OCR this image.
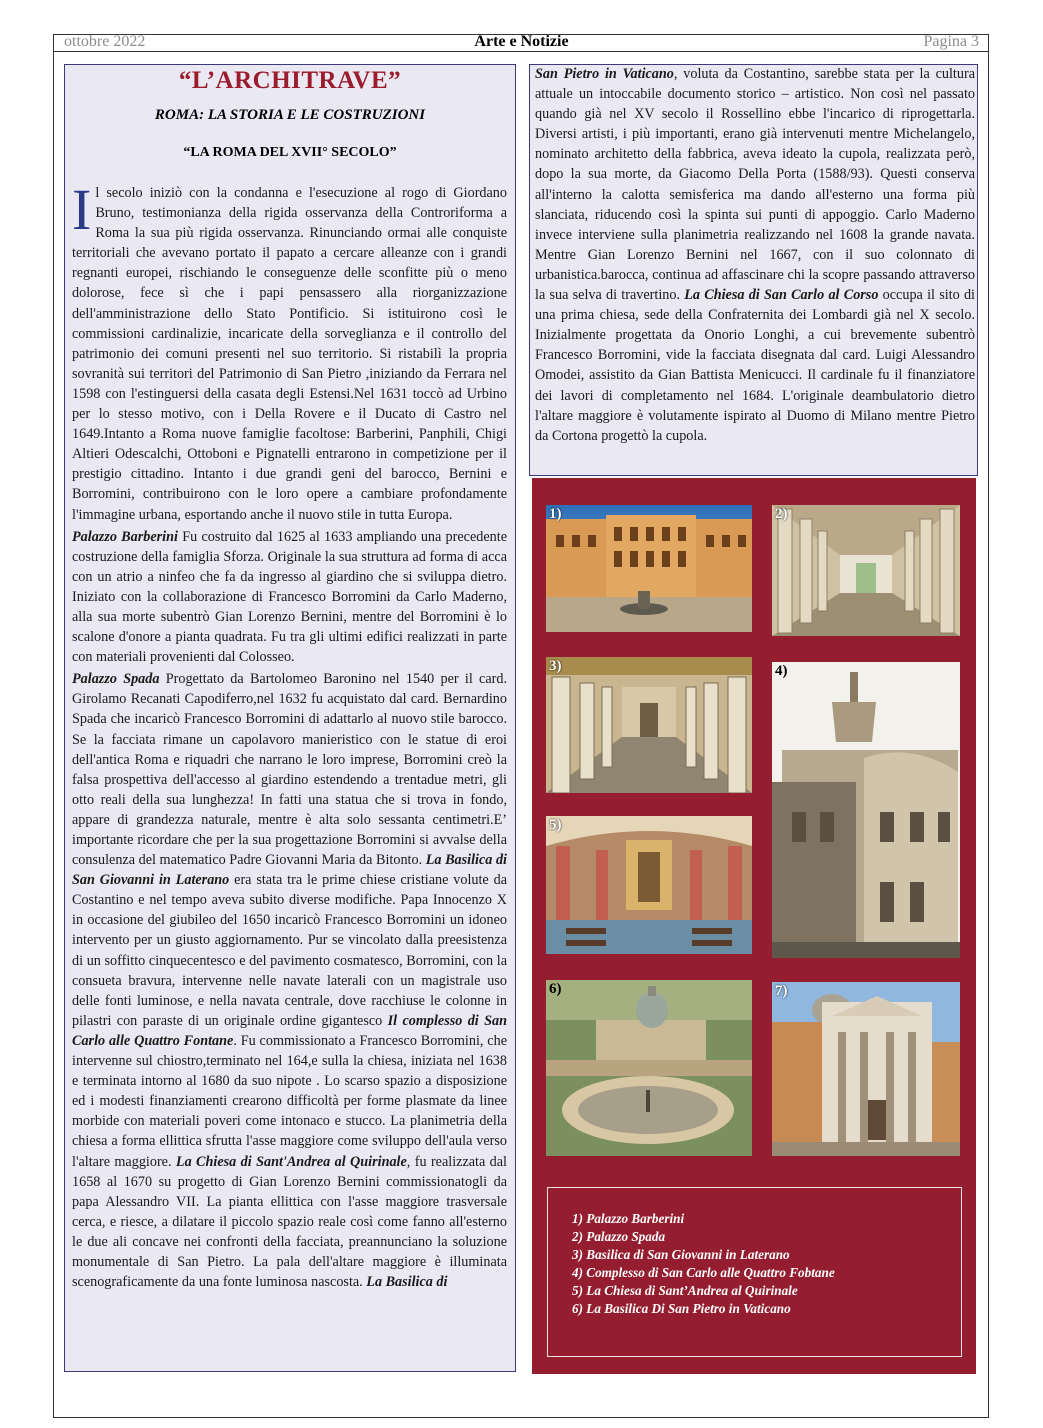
ottobre 2022	Arte e Notizie	Pagina 3
“L’ARCHITRAVE”
ROMA: LA STORIA E LE COSTRUZIONI
“LA ROMA DEL XVII° SECOLO”

Il secolo iniziò con la condanna e l'esecuzione al rogo di Giordano Bruno, testimonianza della rigida osservanza della Controriforma a Roma la sua più rigida osservanza. Rinunciando ormai alle conquiste territoriali che avevano portato il papato a cercare alleanze con i grandi regnanti europei, rischiando le conseguenze delle sconfitte più o meno dolorose, fece sì che i papi pensassero alla riorganizzazione dell'amministrazione dello Stato Pontificio. Si istituirono così le commissioni cardinalizie, incaricate della sorveglianza e il controllo del patrimonio dei comuni presenti nel suo territorio. Si ristabilì la propria sovranità sui territori del Patrimonio di San Pietro ,iniziando da Ferrara nel 1598 con l'estinguersi della casata degli Estensi.Nel 1631 toccò ad Urbino per lo stesso motivo, con i Della Rovere e il Ducato di Castro nel 1649.Intanto a Roma nuove famiglie facoltose: Barberini, Panphili, Chigi Altieri Odescalchi, Ottoboni e Pignatelli entrarono in competizione per il prestigio cittadino. Intanto i due grandi geni del barocco, Bernini e Borromini, contribuirono con le loro opere a cambiare profondamente l'immagine urbana, esportando anche il nuovo stile in tutta Europa.

Palazzo Barberini Fu costruito dal 1625 al 1633 ampliando una precedente costruzione della famiglia Sforza. Originale la sua struttura ad forma di acca con un atrio a ninfeo che fa da ingresso al giardino che si sviluppa dietro. Iniziato con la collaborazione di Francesco Borromini da Carlo Maderno, alla sua morte subentrò Gian Lorenzo Bernini, mentre del Borromini è lo scalone d'onore a pianta quadrata. Fu tra gli ultimi edifici realizzati in parte con materiali provenienti dal Colosseo.

Palazzo Spada Progettato da Bartolomeo Baronino nel 1540 per il card. Girolamo Recanati Capodiferro,nel 1632 fu acquistato dal card. Bernardino Spada che incaricò Francesco Borromini di adattarlo al nuovo stile barocco. Se la facciata rimane un capolavoro manieristico con le statue di eroi dell'antica Roma e riquadri che narrano le loro imprese, Borromini creò la falsa prospettiva dell'accesso al giardino estendendo a trentadue metri, gli otto reali della sua lunghezza! In fatti una statua che si trova in fondo, appare di grandezza naturale, mentre è alta solo sessanta centimetri.E’ importante ricordare che per la sua progettazione Borromini si avvalse della consulenza del matematico Padre Giovanni Maria da Bitonto. La Basilica di San Giovanni in Laterano era stata tra le prime chiese cristiane volute da Costantino e nel tempo aveva subito diverse modifiche. Papa Innocenzo X in occasione del giubileo del 1650 incaricò Francesco Borromini un idoneo intervento per un giusto aggiornamento. Pur se vincolato dalla preesistenza di un soffitto cinquecentesco e del pavimento cosmatesco, Borromini, con la consueta bravura, intervenne nelle navate laterali con un magistrale uso delle fonti luminose, e nella navata centrale, dove racchiuse le colonne in pilastri con paraste di un originale ordine gigantesco Il complesso di San Carlo alle Quattro Fontane. Fu commissionato a Francesco Borromini, che intervenne sul chiostro,terminato nel 164,e sulla la chiesa, iniziata nel 1638 e terminata intorno al 1680 da suo nipote . Lo scarso spazio a disposizione ed i modesti finanziamenti crearono difficoltà per forme plasmate da linee morbide con materiali poveri come intonaco e stucco. La planimetria della chiesa a forma ellittica sfrutta l'asse maggiore come sviluppo dell'aula verso l'altare maggiore. La Chiesa di Sant'Andrea al Quirinale, fu realizzata dal 1658 al 1670 su progetto di Gian Lorenzo Bernini commissionatogli da papa Alessandro VII. La pianta ellittica con l'asse maggiore trasversale cerca, e riesce, a dilatare il piccolo spazio reale così come fanno all'esterno le due ali concave nei confronti della facciata, preannunciano la soluzione monumentale di San Pietro. La pala dell'altare maggiore è illuminata scenograficamente da una fonte luminosa nascosta. La Basilica di

San Pietro in Vaticano, voluta da Costantino, sarebbe stata per la cultura attuale un intoccabile documento storico – artistico. Non così nel passato quando già nel XV secolo il Rossellino ebbe l'incarico di riprogettarla. Diversi artisti, i più importanti, erano già intervenuti mentre Michelangelo, nominato architetto della fabbrica, aveva ideato la cupola, realizzata però, dopo la sua morte, da Giacomo Della Porta (1588/93). Questi conserva all'interno la calotta semisferica ma dando all'esterno una forma più slanciata, riducendo così la spinta sui punti di appoggio. Carlo Maderno invece interviene sulla planimetria realizzando nel 1608 la grande navata. Mentre Gian Lorenzo Bernini nel 1667, con il suo colonnato di urbanistica.barocca, continua ad affascinare chi la scopre passando attraverso la sua selva di travertino. La Chiesa di San Carlo al Corso occupa il sito di una prima chiesa, sede della Confraternita dei Lombardi già nel X secolo. Inizialmente progettata da Onorio Longhi, a cui brevemente subentrò Francesco Borromini, vide la facciata disegnata dal card. Luigi Alessandro Omodei, assistito da Gian Battista Menicucci. Il cardinale fu il finanziatore dei lavori di completamento nel 1684. L'originale deambulatorio dietro l'altare maggiore è volutamente ispirato al Duomo di Milano mentre Pietro da Cortona progettò la cupola.

1)	2)
3)	4)
5)
6)	7)
1) Palazzo Barberini
2) Palazzo Spada
3) Basilica di San Giovanni in Laterano
4) Complesso di San Carlo alle Quattro Fobtane
5) La Chiesa di Sant’Andrea al Quirinale
6) La Basilica Di San Pietro in Vaticano
